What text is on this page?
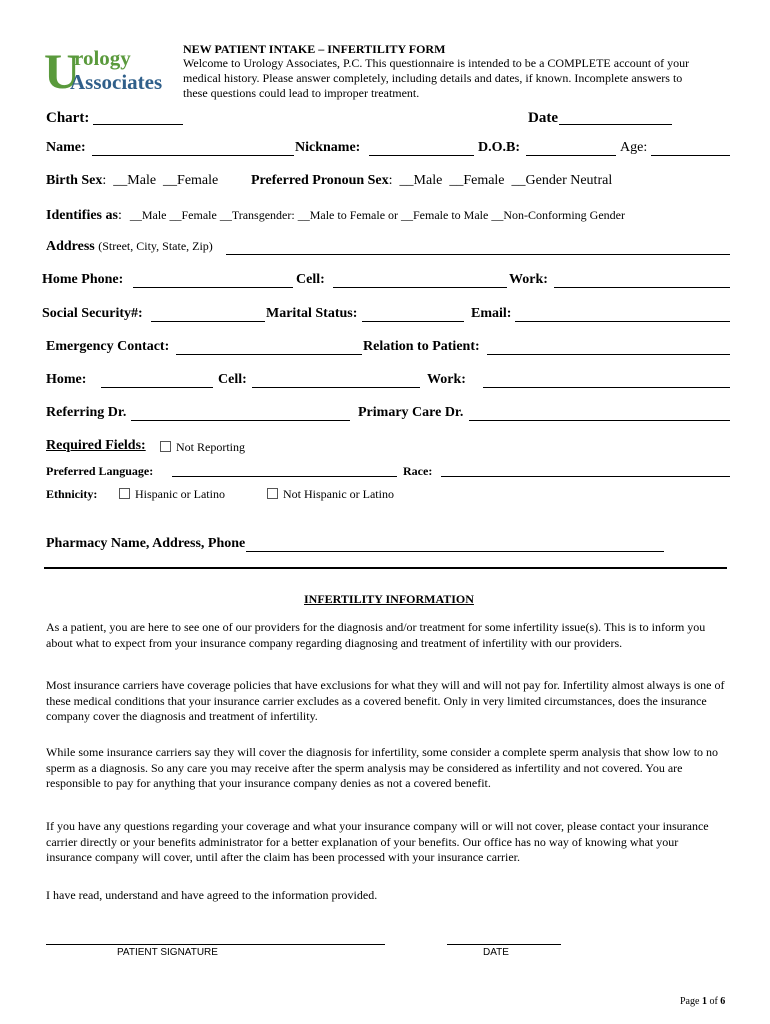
U
rology
Associates
NEW PATIENT INTAKE – INFERTILITY FORM
Welcome to Urology Associates, P.C. This questionnaire is intended to be a COMPLETE account of your
medical history. Please answer completely, including details and dates, if known. Incomplete answers to
these questions could lead to improper treatment.
Chart:	Date
Name:	Nickname:	D.O.B:	Age:
Birth Sex:  __Male __Female Preferred Pronoun Sex:  __Male __Female __Gender Neutral
Identifies as: __Male __Female __Transgender: __Male to Female or __Female to Male __Non-Conforming Gender
Address (Street, City, State, Zip)
Home Phone:	Cell:	Work:
Social Security#:	Marital Status:	Email:
Emergency Contact:	Relation to Patient:
Home:	Cell:	Work:
Referring Dr.	Primary Care Dr.
Required Fields:	Not Reporting
Preferred Language:	Race:
Ethnicity:	Hispanic or Latino	Not Hispanic or Latino
Pharmacy Name, Address, Phone
INFERTILITY INFORMATION
As a patient, you are here to see one of our providers for the diagnosis and/or treatment for some infertility issue(s). This is to inform you about what to expect from your insurance company regarding diagnosing and treatment of infertility with our providers.
Most insurance carriers have coverage policies that have exclusions for what they will and will not pay for. Infertility almost always is one of these medical conditions that your insurance carrier excludes as a covered benefit. Only in very limited circumstances, does the insurance company cover the diagnosis and treatment of infertility.
While some insurance carriers say they will cover the diagnosis for infertility, some consider a complete sperm analysis that show low to no sperm as a diagnosis. So any care you may receive after the sperm analysis may be considered as infertility and not covered. You are responsible to pay for anything that your insurance company denies as not a covered benefit.
If you have any questions regarding your coverage and what your insurance company will or will not cover, please contact your insurance carrier directly or your benefits administrator for a better explanation of your benefits. Our office has no way of knowing what your insurance company will cover, until after the claim has been processed with your insurance carrier.
I have read, understand and have agreed to the information provided.
PATIENT SIGNATURE	DATE
Page 1 of 6
